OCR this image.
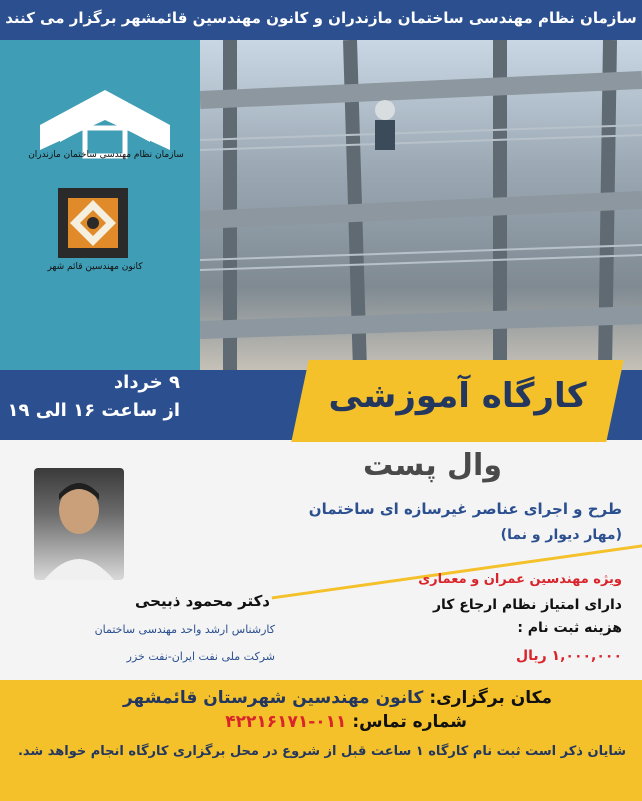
سازمان نظام مهندسی ساختمان مازندران و کانون مهندسین قائمشهر برگزار می کنند
سازمان نظام مهندسی ساختمان مازندران
کانون مهندسین قائم شهر
۹ خرداد
از ساعت ۱۶ الی ۱۹	کارگاه آموزشی
وال پست
طرح و اجرای عناصر غیرسازه ای ساختمان
(مهار دیوار و نما)
دکتر محمود ذبیحی
کارشناس ارشد واحد مهندسی ساختمان
شرکت ملی نفت ایران-نفت خزر
ویژه مهندسین عمران و معماری
دارای امتیاز نظام ارجاع کار
هزینه ثبت نام :
۱,۰۰۰,۰۰۰ ریال
مکان برگزاری: کانون مهندسین شهرستان قائمشهر
شماره تماس: ۰۱۱-۴۲۲۱۶۱۷۱
شایان ذکر است ثبت نام کارگاه ۱ ساعت قبل از شروع در محل برگزاری کارگاه انجام خواهد شد.
